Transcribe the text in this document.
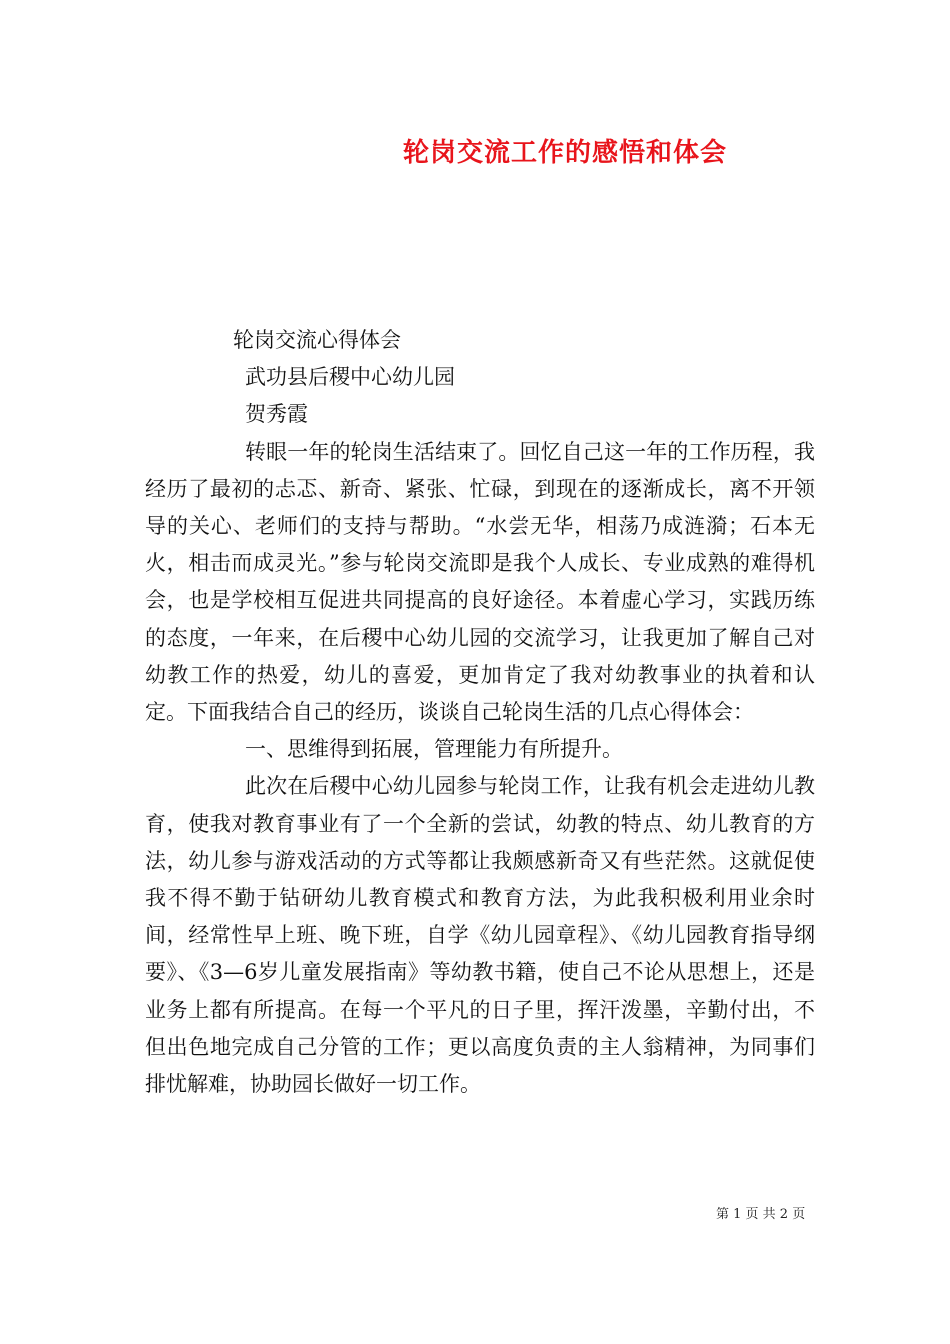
轮岗交流工作的感悟和体会

轮岗交流心得体会

武功县后稷中心幼儿园

贺秀霞

转眼一年的轮岗生活结束了。回忆自己这一年的工作历程，我经历了最初的忐忑、新奇、紧张、忙碌，到现在的逐渐成长，离不开领导的关心、老师们的支持与帮助。“水尝无华，相荡乃成涟漪；石本无火，相击而成灵光。”参与轮岗交流即是我个人成长、专业成熟的难得机会，也是学校相互促进共同提高的良好途径。本着虚心学习，实践历练的态度，一年来，在后稷中心幼儿园的交流学习，让我更加了解自己对幼教工作的热爱，幼儿的喜爱，更加肯定了我对幼教事业的执着和认定。下面我结合自己的经历，谈谈自己轮岗生活的几点心得体会：

一、思维得到拓展，管理能力有所提升。

此次在后稷中心幼儿园参与轮岗工作，让我有机会走进幼儿教育，使我对教育事业有了一个全新的尝试，幼教的特点、幼儿教育的方法，幼儿参与游戏活动的方式等都让我颇感新奇又有些茫然。这就促使我不得不勤于钻研幼儿教育模式和教育方法，为此我积极利用业余时间，经常性早上班、晚下班，自学《幼儿园章程》、《幼儿园教育指导纲要》、《3—6岁儿童发展指南》等幼教书籍，使自己不论从思想上，还是业务上都有所提高。在每一个平凡的日子里，挥汗泼墨，辛勤付出，不但出色地完成自己分管的工作；更以高度负责的主人翁精神，为同事们排忧解难，协助园长做好一切工作。

第 1 页 共 2 页
